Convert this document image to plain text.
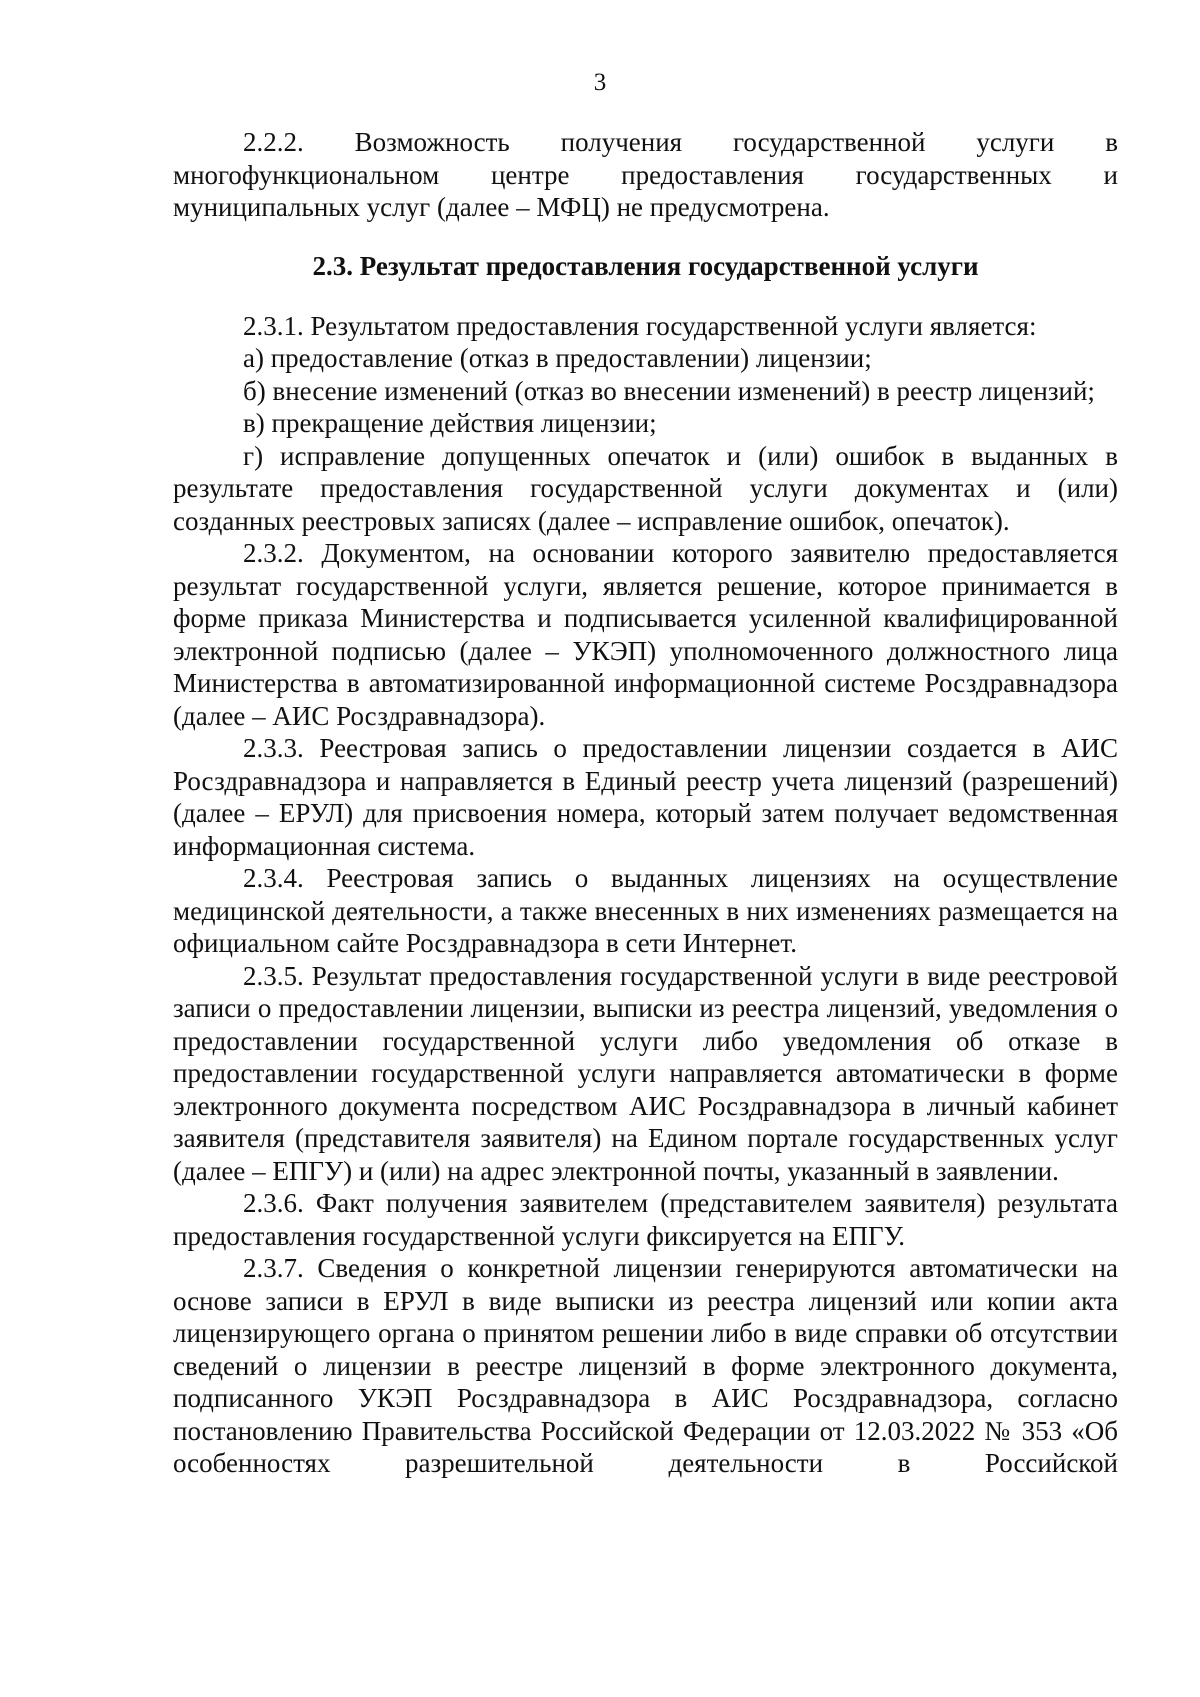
3

2.2.2. Возможность получения государственной услуги в многофункциональном центре предоставления государственных и муниципальных услуг (далее – МФЦ) не предусмотрена.

2.3. Результат предоставления государственной услуги

2.3.1. Результатом предоставления государственной услуги является:

а) предоставление (отказ в предоставлении) лицензии;

б) внесение изменений (отказ во внесении изменений) в реестр лицензий;

в) прекращение действия лицензии;

г) исправление допущенных опечаток и (или) ошибок в выданных в результате предоставления государственной услуги документах и (или) созданных реестровых записях (далее – исправление ошибок, опечаток).

2.3.2. Документом, на основании которого заявителю предоставляется результат государственной услуги, является решение, которое принимается в форме приказа Министерства и подписывается усиленной квалифицированной электронной подписью (далее – УКЭП) уполномоченного должностного лица Министерства в автоматизированной информационной системе Росздравнадзора (далее – АИС Росздравнадзора).

2.3.3. Реестровая запись о предоставлении лицензии создается в АИС Росздравнадзора и направляется в Единый реестр учета лицензий (разрешений) (далее – ЕРУЛ) для присвоения номера, который затем получает ведомственная информационная система.

2.3.4. Реестровая запись о выданных лицензиях на осуществление медицинской деятельности, а также внесенных в них изменениях размещается на официальном сайте Росздравнадзора в сети Интернет.

2.3.5. Результат предоставления государственной услуги в виде реестровой записи о предоставлении лицензии, выписки из реестра лицензий, уведомления о предоставлении государственной услуги либо уведомления об отказе в предоставлении государственной услуги направляется автоматически в форме электронного документа посредством АИС Росздравнадзора в личный кабинет заявителя (представителя заявителя) на Едином портале государственных услуг (далее – ЕПГУ) и (или) на адрес электронной почты, указанный в заявлении.

2.3.6. Факт получения заявителем (представителем заявителя) результата предоставления государственной услуги фиксируется на ЕПГУ.

2.3.7. Сведения о конкретной лицензии генерируются автоматически на основе записи в ЕРУЛ в виде выписки из реестра лицензий или копии акта лицензирующего органа о принятом решении либо в виде справки об отсутствии сведений о лицензии в реестре лицензий в форме электронного документа, подписанного УКЭП Росздравнадзора в АИС Росздравнадзора, согласно постановлению Правительства Российской Федерации от 12.03.2022 № 353 «Об особенностях разрешительной деятельности в Российской
